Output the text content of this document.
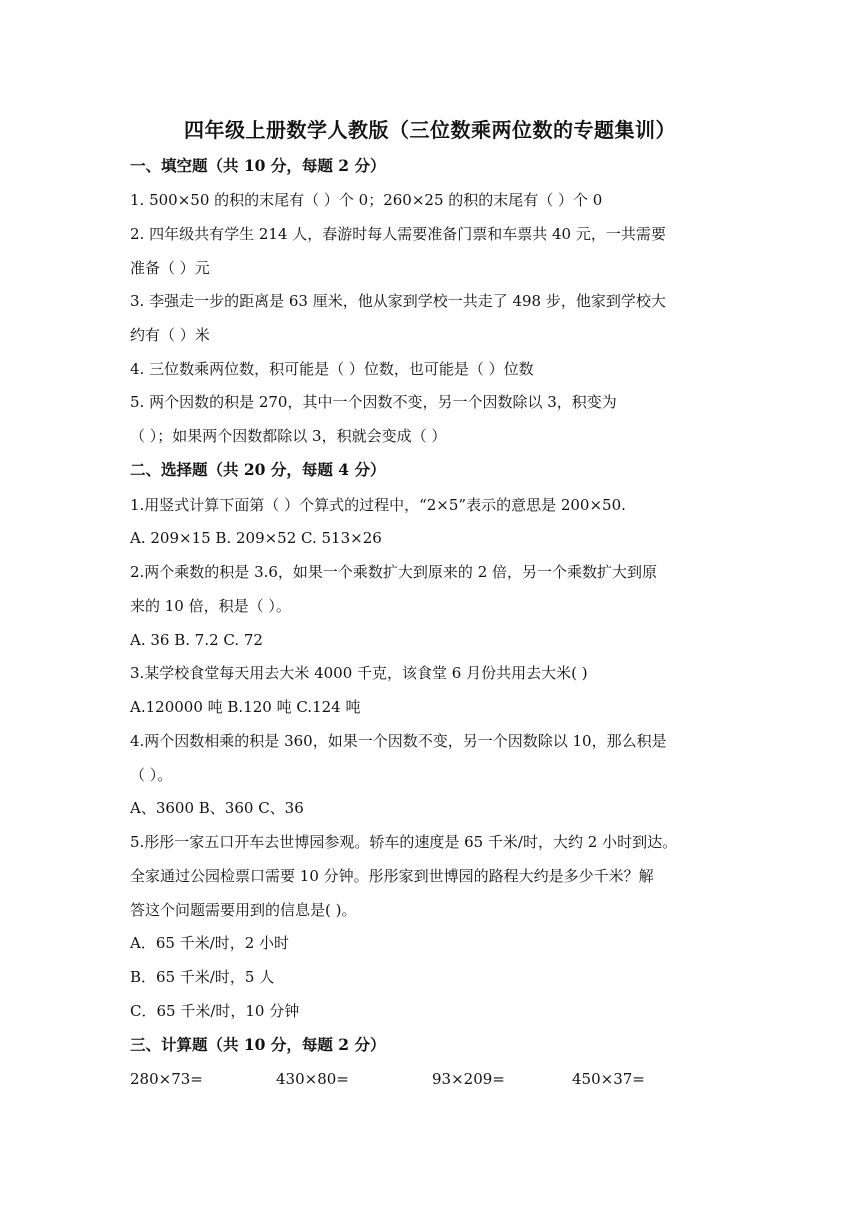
四年级上册数学人教版（三位数乘两位数的专题集训）
一、填空题（共 10 分，每题 2 分）
1. 500×50 的积的末尾有（ ）个 0；260×25 的积的末尾有（ ）个 0
2. 四年级共有学生 214 人，春游时每人需要准备门票和车票共 40 元，一共需要
准备（ ）元
3. 李强走一步的距离是 63 厘米，他从家到学校一共走了 498 步，他家到学校大
约有（ ）米
4. 三位数乘两位数，积可能是（ ）位数，也可能是（ ）位数
5. 两个因数的积是 270，其中一个因数不变，另一个因数除以 3，积变为
（ ）；如果两个因数都除以 3，积就会变成（ ）
二、选择题（共 20 分，每题 4 分）
1.用竖式计算下面第（ ）个算式的过程中，“2×5”表示的意思是 200×50.
A. 209×15 B. 209×52 C. 513×26
2.两个乘数的积是 3.6，如果一个乘数扩大到原来的 2 倍，另一个乘数扩大到原
来的 10 倍，积是（ ）。
A. 36 B. 7.2 C. 72
3.某学校食堂每天用去大米 4000 千克，该食堂 6 月份共用去大米( )
A.120000 吨 B.120 吨 C.124 吨
4.两个因数相乘的积是 360，如果一个因数不变，另一个因数除以 10，那么积是
（ ）。
A、3600 B、360 C、36
5.彤彤一家五口开车去世博园参观。轿车的速度是 65 千米/时，大约 2 小时到达。
全家通过公园检票口需要 10 分钟。彤彤家到世博园的路程大约是多少千米？解
答这个问题需要用到的信息是( )。
A．65 千米/时，2 小时
B．65 千米/时，5 人
C．65 千米/时，10 分钟
三、计算题（共 10 分，每题 2 分）
280×73=	430×80=	93×209=	450×37=
